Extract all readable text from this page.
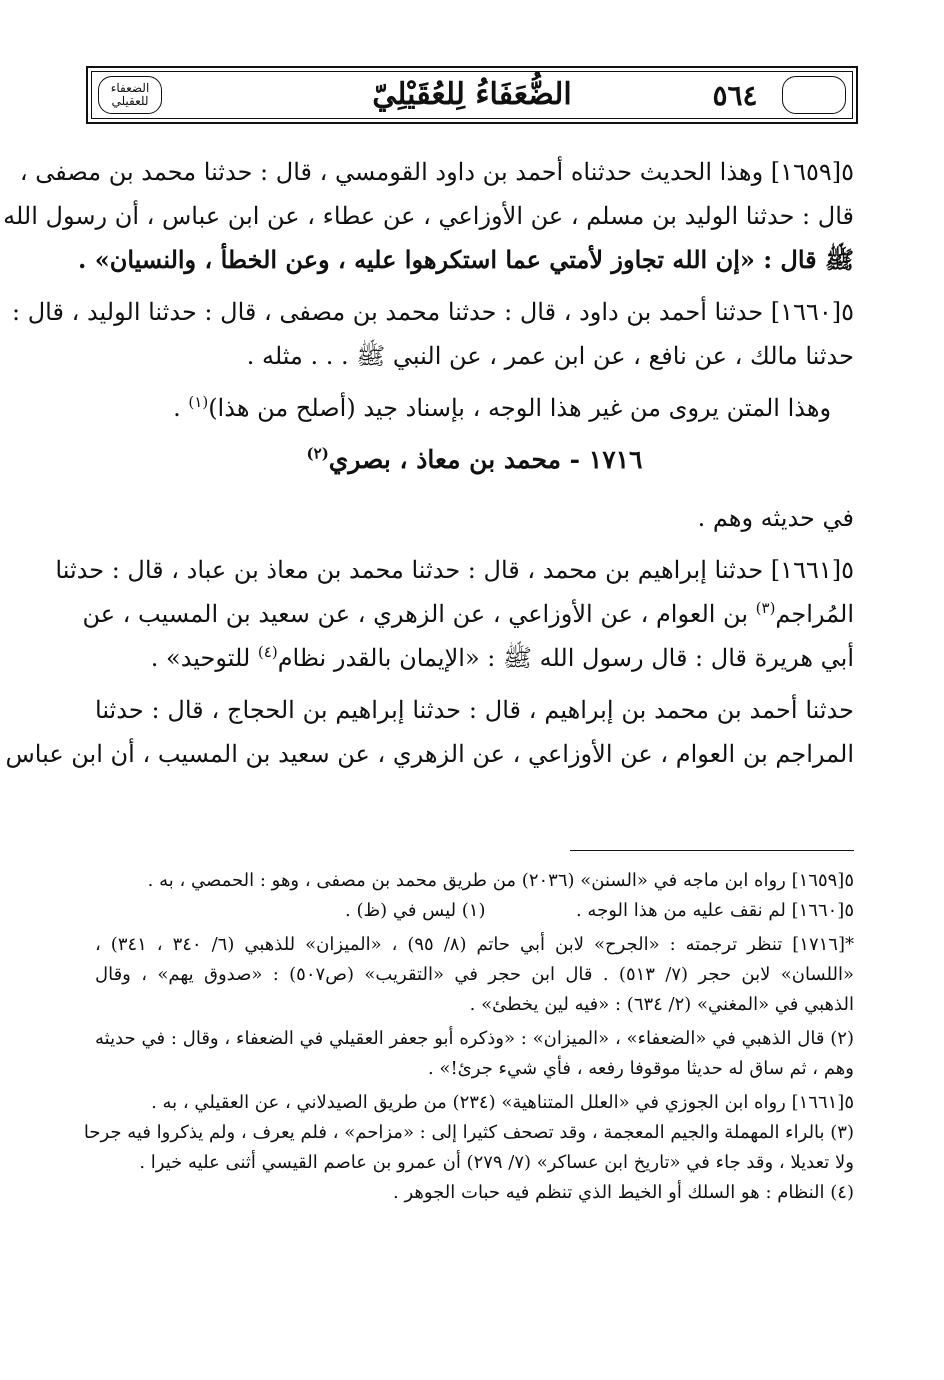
الضعفاء للعقيلي	٥٦٤
الضُّعَفَاءُ لِلعُقَيْلِيّ
٥[١٦٥٩] وهذا الحديث حدثناه أحمد بن داود القومسي ، قال : حدثنا محمد بن مصفى ،
قال : حدثنا الوليد بن مسلم ، عن الأوزاعي ، عن عطاء ، عن ابن عباس ، أن رسول الله
ﷺ قال : «إن الله تجاوز لأمتي عما استكرهوا عليه ، وعن الخطأ ، والنسيان» .
٥[١٦٦٠] حدثنا أحمد بن داود ، قال : حدثنا محمد بن مصفى ، قال : حدثنا الوليد ، قال :
حدثنا مالك ، عن نافع ، عن ابن عمر ، عن النبي ﷺ . . . مثله .
وهذا المتن يروى من غير هذا الوجه ، بإسناد جيد (أصلح من هذا)$^{(١)}$ .
١٧١٦ - محمد بن معاذ ، بصري$^{(٢)}$
في حديثه وهم .
٥[١٦٦١] حدثنا إبراهيم بن محمد ، قال : حدثنا محمد بن معاذ بن عباد ، قال : حدثنا
المُراجم$^{(٣)}$ بن العوام ، عن الأوزاعي ، عن الزهري ، عن سعيد بن المسيب ، عن
أبي هريرة قال : قال رسول الله ﷺ : «الإيمان بالقدر نظام$^{(٤)}$ للتوحيد» .
حدثنا أحمد بن محمد بن إبراهيم ، قال : حدثنا إبراهيم بن الحجاج ، قال : حدثنا
المراجم بن العوام ، عن الأوزاعي ، عن الزهري ، عن سعيد بن المسيب ، أن ابن عباس
٥[١٦٥٩] رواه ابن ماجه في «السنن» (٢٠٣٦) من طريق محمد بن مصفى ، وهو : الحمصي ، به .
٥[١٦٦٠] لم نقف عليه من هذا الوجه .
(١) ليس في (ظ) .
*[١٧١٦] تنظر ترجمته : «الجرح» لابن أبي حاتم (٨/ ٩٥) ، «الميزان» للذهبي (٦/ ٣٤٠ ، ٣٤١) ،
«اللسان» لابن حجر (٧/ ٥١٣) . قال ابن حجر في «التقريب» (ص٥٠٧) : «صدوق يهم» ، وقال
الذهبي في «المغني» (٢/ ٦٣٤) : «فيه لين يخطئ» .
(٢) قال الذهبي في «الضعفاء» ، «الميزان» : «وذكره أبو جعفر العقيلي في الضعفاء ، وقال : في حديثه
وهم ، ثم ساق له حديثا موقوفا رفعه ، فأي شيء جرئ!» .
٥[١٦٦١] رواه ابن الجوزي في «العلل المتناهية» (٢٣٤) من طريق الصيدلاني ، عن العقيلي ، به .
(٣) بالراء المهملة والجيم المعجمة ، وقد تصحف كثيرا إلى : «مزاحم» ، فلم يعرف ، ولم يذكروا فيه جرحا
ولا تعديلا ، وقد جاء في «تاريخ ابن عساكر» (٧/ ٢٧٩) أن عمرو بن عاصم القيسي أثنى عليه خيرا .
(٤) النظام : هو السلك أو الخيط الذي تنظم فيه حبات الجوهر .
